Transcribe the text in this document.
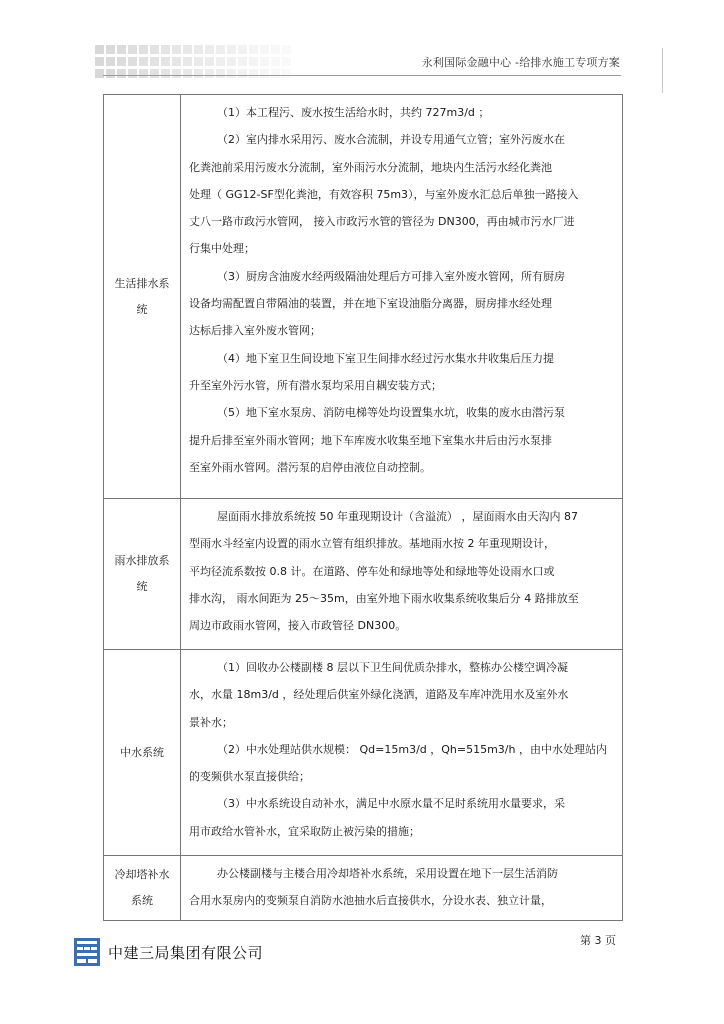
永利国际金融中心 -给排水施工专项方案
生活排水系
统
（1）本工程污、废水按生活给水时，共约 727m3/d ；
（2）室内排水采用污、废水合流制，并设专用通气立管；室外污废水在
化粪池前采用污废水分流制，室外雨污水分流制，地块内生活污水经化粪池
处理（ GG12-SF型化粪池，有效容积 75m3），与室外废水汇总后单独一路接入
丈八一路市政污水管网， 接入市政污水管的管径为 DN300，再由城市污水厂进
行集中处理；
（3）厨房含油废水经两级隔油处理后方可排入室外废水管网，所有厨房
设备均需配置自带隔油的装置，并在地下室设油脂分离器，厨房排水经处理
达标后排入室外废水管网；
（4）地下室卫生间设地下室卫生间排水经过污水集水井收集后压力提
升至室外污水管，所有潜水泵均采用自耦安装方式；
（5）地下室水泵房、消防电梯等处均设置集水坑，收集的废水由潜污泵
提升后排至室外雨水管网；地下车库废水收集至地下室集水井后由污水泵排
至室外雨水管网。潜污泵的启停由液位自动控制。
雨水排放系
统
屋面雨水排放系统按 50 年重现期设计（含溢流） ，屋面雨水由天沟内 87
型雨水斗经室内设置的雨水立管有组织排放。基地雨水按 2 年重现期设计，
平均径流系数按 0.8 计。在道路、停车处和绿地等处和绿地等处设雨水口或
排水沟， 雨水间距为 25～35m，由室外地下雨水收集系统收集后分 4 路排放至
周边市政雨水管网，接入市政管径 DN300。
中水系统
（1）回收办公楼副楼 8 层以下卫生间优质杂排水，整栋办公楼空调冷凝
水，水量 18m3/d ，经处理后供室外绿化浇洒，道路及车库冲洗用水及室外水
景补水；
（2）中水处理站供水规模： Qd=15m3/d ，Qh=515m3/h ，由中水处理站内
的变频供水泵直接供给；
（3）中水系统设自动补水，满足中水原水量不足时系统用水量要求，采
用市政给水管补水，宜采取防止被污染的措施；
冷却塔补水
系统
办公楼副楼与主楼合用冷却塔补水系统，采用设置在地下一层生活消防
合用水泵房内的变频泵自消防水池抽水后直接供水，分设水表、独立计量，
第 3 页
中建三局集团有限公司
